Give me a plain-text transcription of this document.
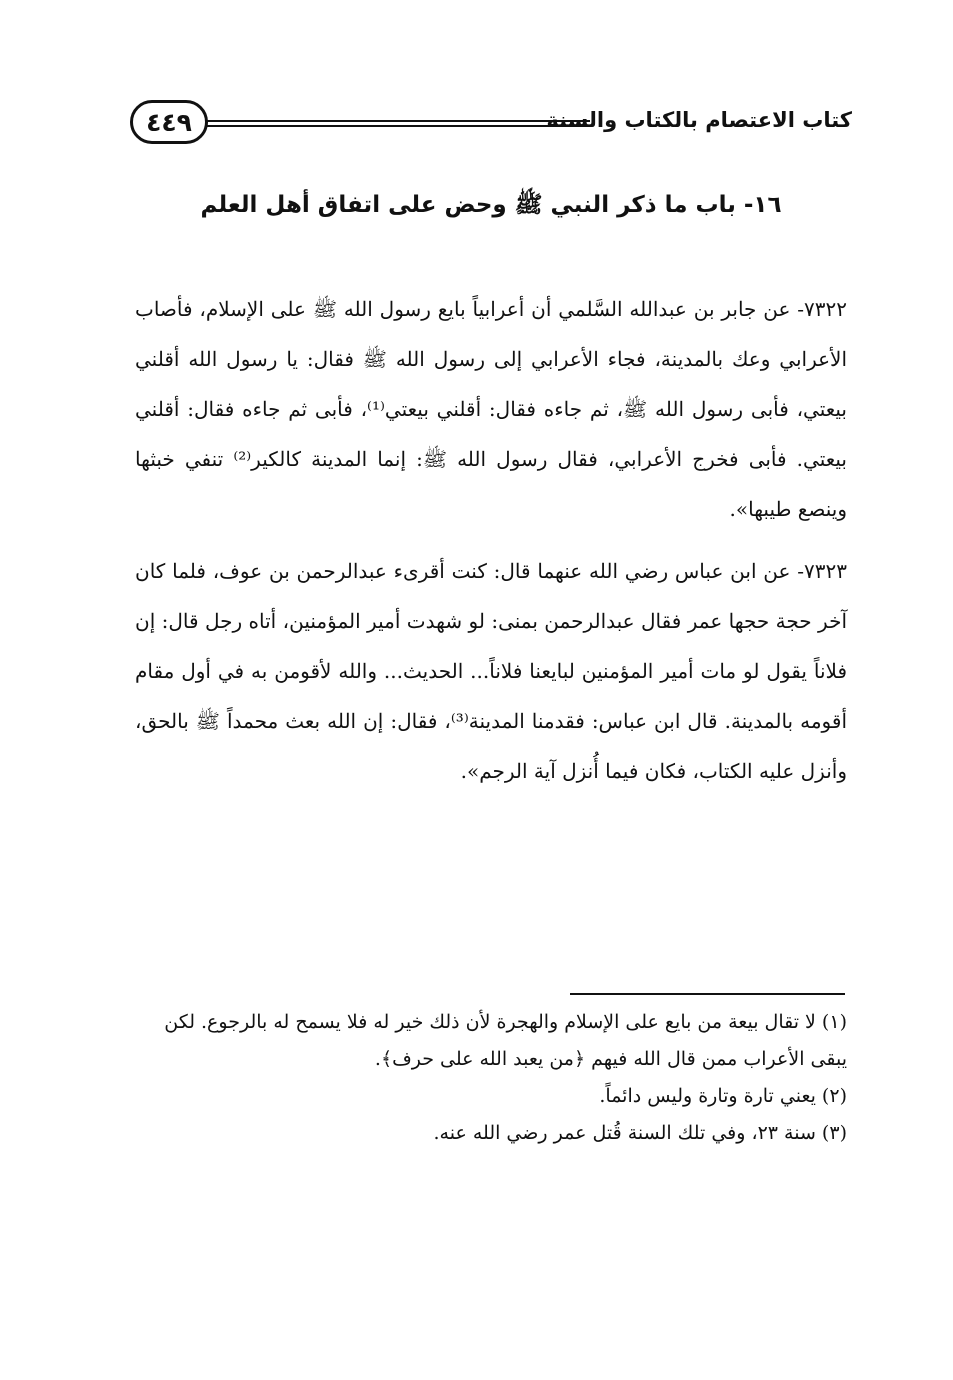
كتاب الاعتصام بالكتاب والسنة
٤٤٩
١٦- باب ما ذكر النبي ﷺ وحض على اتفاق أهل العلم

٧٣٢٢- عن جابر بن عبدالله السَّلمي أن أعرابياً بايع رسول الله ﷺ على الإسلام، فأصاب الأعرابي وعك بالمدينة، فجاء الأعرابي إلى رسول الله ﷺ فقال: يا رسول الله أقلني بيعتي، فأبى رسول الله ﷺ، ثم جاءه فقال: أقلني بيعتي⁽¹⁾، فأبى ثم جاءه فقال: أقلني بيعتي. فأبى فخرج الأعرابي، فقال رسول الله ﷺ: إنما المدينة كالكير⁽²⁾ تنفي خبثها وينصع طيبها».

٧٣٢٣- عن ابن عباس رضي الله عنهما قال: كنت أقرىء عبدالرحمن بن عوف، فلما كان آخر حجة حجها عمر فقال عبدالرحمن بمنى: لو شهدت أمير المؤمنين، أتاه رجل قال: إن فلاناً يقول لو مات أمير المؤمنين لبايعنا فلاناً... الحديث... والله لأقومن به في أول مقام أقومه بالمدينة. قال ابن عباس: فقدمنا المدينة⁽³⁾، فقال: إن الله بعث محمداً ﷺ بالحق، وأنزل عليه الكتاب، فكان فيما أُنزل آية الرجم».

(١) لا تقال بيعة من بايع على الإسلام والهجرة لأن ذلك خير له فلا يسمح له بالرجوع. لكن يبقى الأعراب ممن قال الله فيهم ﴿من يعبد الله على حرف﴾.
(٢) يعني تارة وتارة وليس دائماً.
(٣) سنة ٢٣، وفي تلك السنة قُتل عمر رضي الله عنه.
